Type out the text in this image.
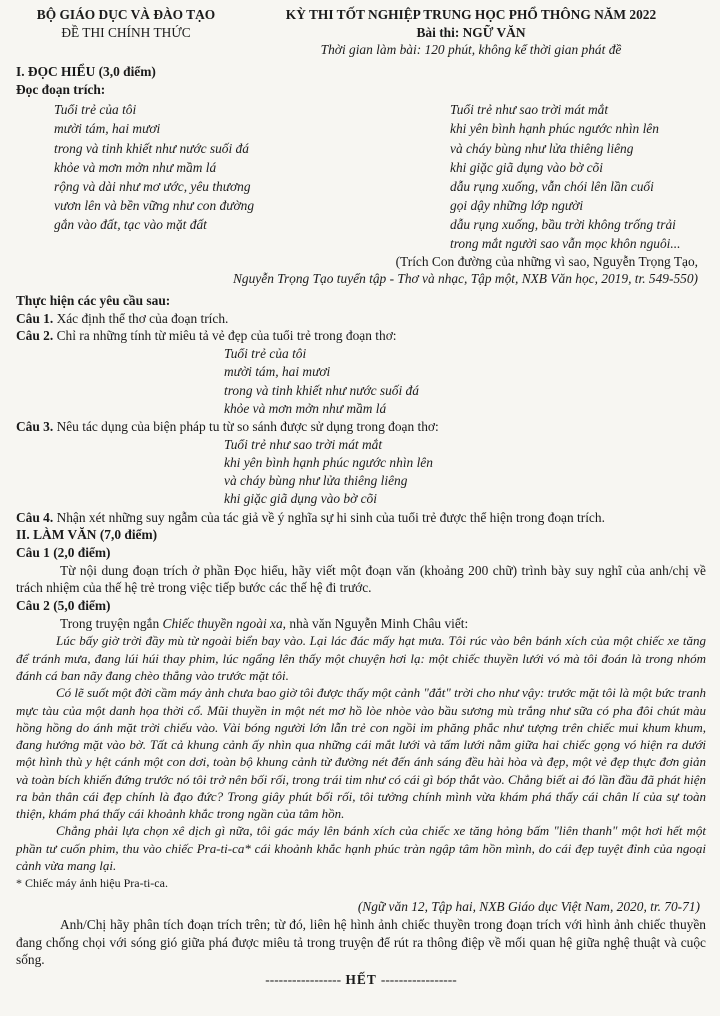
BỘ GIÁO DỤC VÀ ĐÀO TẠO
ĐỀ THI CHÍNH THỨC
KỲ THI TỐT NGHIỆP TRUNG HỌC PHỔ THÔNG NĂM 2022
Bài thi: NGỮ VĂN
Thời gian làm bài: 120 phút, không kể thời gian phát đề
I. ĐỌC HIỂU (3,0 điểm)
Đọc đoạn trích:
Tuổi trẻ của tôi
mười tám, hai mươi
trong và tinh khiết như nước suối đá
khỏe và mơn mởn như mầm lá
rộng và dài như mơ ước, yêu thương
vươn lên và bền vững như con đường
gắn vào đất, tạc vào mặt đất
Tuổi trẻ như sao trời mát mắt
khi yên bình hạnh phúc ngước nhìn lên
và cháy bùng như lửa thiêng liêng
khi giặc giã dụng vào bờ cõi
dẫu rụng xuống, vẫn chói lên lần cuối
gọi dậy những lớp người
dẫu rụng xuống, bầu trời không trống trải
trong mắt người sao vẫn mọc khôn nguôi...
(Trích Con đường của những vì sao, Nguyễn Trọng Tạo,
Nguyễn Trọng Tạo tuyển tập - Thơ và nhạc, Tập một, NXB Văn học, 2019, tr. 549-550)
Thực hiện các yêu cầu sau:

Câu 1. Xác định thể thơ của đoạn trích.

Câu 2. Chỉ ra những tính từ miêu tả vẻ đẹp của tuổi trẻ trong đoạn thơ:

Tuổi trẻ của tôi
mười tám, hai mươi
trong và tinh khiết như nước suối đá
khỏe và mơn mởn như mầm lá

Câu 3. Nêu tác dụng của biện pháp tu từ so sánh được sử dụng trong đoạn thơ:

Tuổi trẻ như sao trời mát mắt
khi yên bình hạnh phúc ngước nhìn lên
và cháy bùng như lửa thiêng liêng
khi giặc giã dụng vào bờ cõi

Câu 4. Nhận xét những suy ngẫm của tác giả về ý nghĩa sự hi sinh của tuổi trẻ được thể hiện trong đoạn trích.

II. LÀM VĂN (7,0 điểm)
Câu 1 (2,0 điểm)

Từ nội dung đoạn trích ở phần Đọc hiểu, hãy viết một đoạn văn (khoảng 200 chữ) trình bày suy nghĩ của anh/chị về trách nhiệm của thế hệ trẻ trong việc tiếp bước các thế hệ đi trước.

Câu 2 (5,0 điểm)

Trong truyện ngắn Chiếc thuyền ngoài xa, nhà văn Nguyễn Minh Châu viết:

Lúc bấy giờ trời đầy mù từ ngoài biển bay vào. Lại lác đác mấy hạt mưa. Tôi rúc vào bên bánh xích của một chiếc xe tăng để tránh mưa, đang lúi húi thay phim, lúc ngẩng lên thấy một chuyện hơi lạ: một chiếc thuyền lưới vó mà tôi đoán là trong nhóm đánh cá ban nãy đang chèo thẳng vào trước mặt tôi.

Có lẽ suốt một đời cầm máy ảnh chưa bao giờ tôi được thấy một cảnh "đắt" trời cho như vậy: trước mặt tôi là một bức tranh mực tàu của một danh họa thời cổ. Mũi thuyền in một nét mơ hồ lòe nhòe vào bầu sương mù trắng như sữa có pha đôi chút màu hồng hồng do ánh mặt trời chiếu vào. Vài bóng người lớn lẫn trẻ con ngồi im phăng phắc như tượng trên chiếc mui khum khum, đang hướng mặt vào bờ. Tất cả khung cảnh ấy nhìn qua những cái mắt lưới và tấm lưới nằm giữa hai chiếc gọng vó hiện ra dưới một hình thù y hệt cánh một con dơi, toàn bộ khung cảnh từ đường nét đến ánh sáng đều hài hòa và đẹp, một vẻ đẹp thực đơn giản và toàn bích khiến đứng trước nó tôi trở nên bối rối, trong trái tim như có cái gì bóp thắt vào. Chẳng biết ai đó lần đầu đã phát hiện ra bản thân cái đẹp chính là đạo đức? Trong giây phút bối rối, tôi tưởng chính mình vừa khám phá thấy cái chân lí của sự toàn thiện, khám phá thấy cái khoảnh khắc trong ngần của tâm hồn.

Chẳng phải lựa chọn xê dịch gì nữa, tôi gác máy lên bánh xích của chiếc xe tăng hỏng bấm "liên thanh" một hơi hết một phần tư cuốn phim, thu vào chiếc Pra-ti-ca* cái khoảnh khắc hạnh phúc tràn ngập tâm hồn mình, do cái đẹp tuyệt đỉnh của ngoại cảnh vừa mang lại.

* Chiếc máy ảnh hiệu Pra-ti-ca.
(Ngữ văn 12, Tập hai, NXB Giáo dục Việt Nam, 2020, tr. 70-71)

Anh/Chị hãy phân tích đoạn trích trên; từ đó, liên hệ hình ảnh chiếc thuyền trong đoạn trích với hình ảnh chiếc thuyền đang chống chọi với sóng gió giữa phá được miêu tả trong truyện để rút ra thông điệp về mối quan hệ giữa nghệ thuật và cuộc sống.

----------------- HẾT -----------------
